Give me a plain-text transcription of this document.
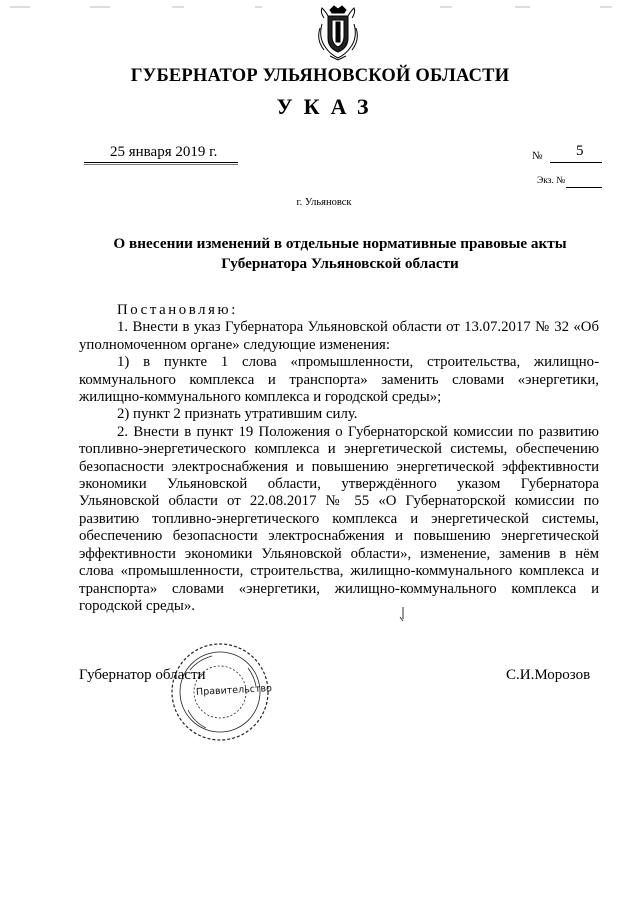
ГУБЕРНАТОР УЛЬЯНОВСКОЙ ОБЛАСТИ
УКАЗ
25 января 2019 г.	№ 5
Экз. №
г. Ульяновск
О внесении изменений в отдельные нормативные правовые акты
Губернатора Ульяновской области

Постановляю:

1. Внести в указ Губернатора Ульяновской области от 13.07.2017 № 32 «Об уполномоченном органе» следующие изменения:

1) в пункте 1 слова «промышленности, строительства, жилищно-коммунального комплекса и транспорта» заменить словами «энергетики, жилищно-коммунального комплекса и городской среды»;

2) пункт 2 признать утратившим силу.

2. Внести в пункт 19 Положения о Губернаторской комиссии по развитию топливно-энергетического комплекса и энергетической системы, обеспечению безопасности электроснабжения и повышению энергетической эффективности экономики Ульяновской области, утверждённого указом Губернатора Ульяновской области от 22.08.2017 № 55 «О Губернаторской комиссии по развитию топливно-энергетического комплекса и энергетической системы, обеспечению безопасности электроснабжения и повышению энергетической эффективности экономики Ульяновской области», изменение, заменив в нём слова «промышленности, строительства, жилищно-коммунального комплекса и транспорта» словами «энергетики, жилищно-коммунального комплекса и городской среды».

Правительство
Губернатор области	С.И.Морозов
